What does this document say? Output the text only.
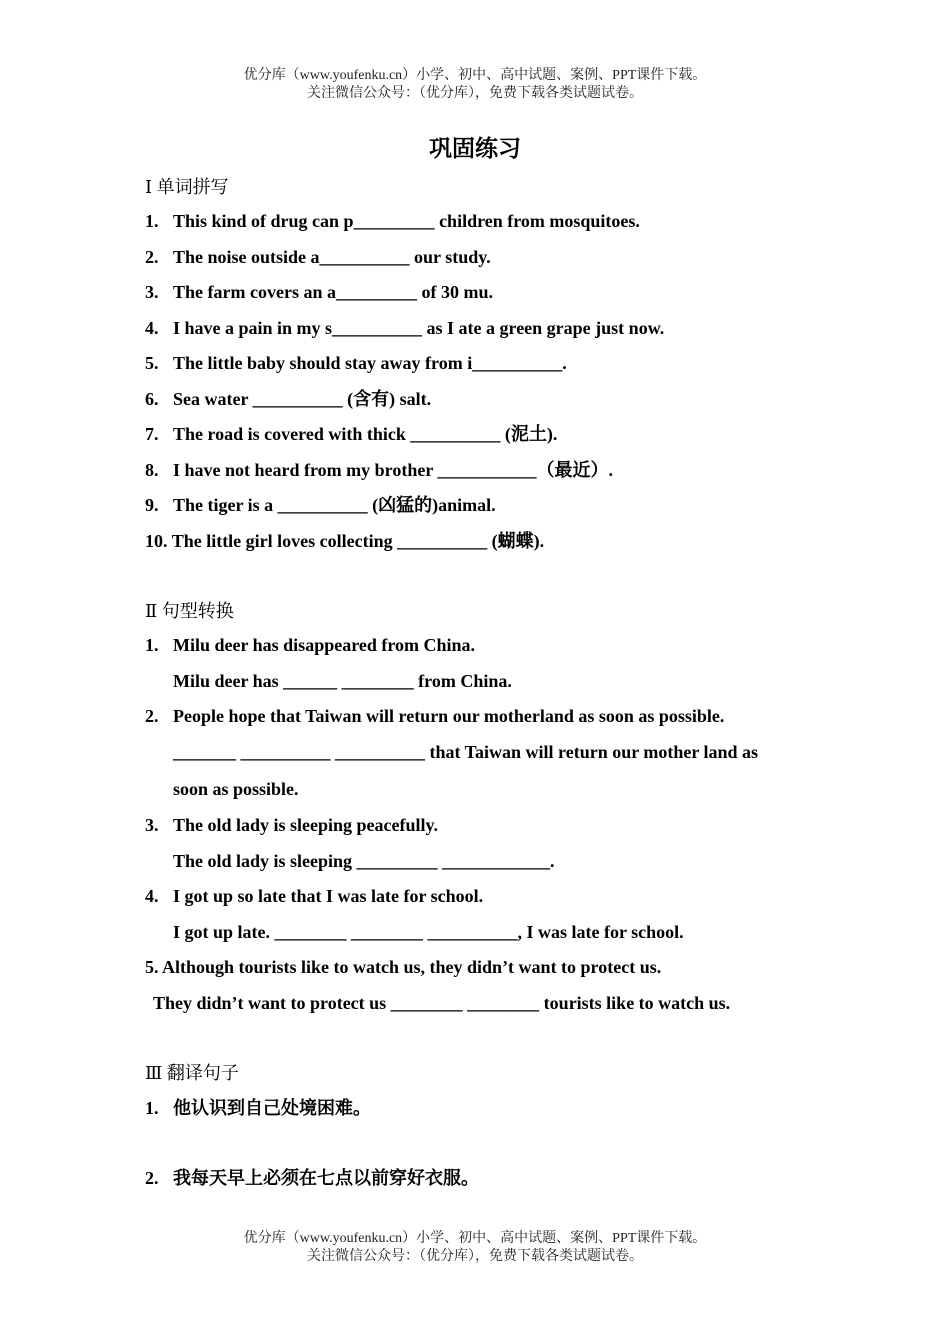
优分库（www.youfenku.cn）小学、初中、高中试题、案例、PPT课件下载。
关注微信公众号：（优分库），免费下载各类试题试卷。
巩固练习
Ⅰ 单词拼写
1. This kind of drug can p_________ children from mosquitoes.
2. The noise outside a__________ our study.
3. The farm covers an a_________ of 30 mu.
4. I have a pain in my s__________ as I ate a green grape just now.
5. The little baby should stay away from i__________.
6. Sea water __________ (含有) salt.
7. The road is covered with thick __________ (泥土).
8. I have not heard from my brother ___________（最近）.
9. The tiger is a __________ (凶猛的)animal.
10. The little girl loves collecting __________ (蝴蝶).
Ⅱ 句型转换
1. Milu deer has disappeared from China.
Milu deer has ______ ________ from China.
2. People hope that Taiwan will return our motherland as soon as possible.
_______ __________ __________ that Taiwan will return our mother land as
soon as possible.
3. The old lady is sleeping peacefully.
The old lady is sleeping _________ ____________.
4. I got up so late that I was late for school.
I got up late. ________ ________ __________, I was late for school.
5. Although tourists like to watch us, they didn’t want to protect us.
They didn’t want to protect us ________ ________ tourists like to watch us.
Ⅲ 翻译句子
1. 他认识到自己处境困难。
2. 我每天早上必须在七点以前穿好衣服。
优分库（www.youfenku.cn）小学、初中、高中试题、案例、PPT课件下载。
关注微信公众号：（优分库），免费下载各类试题试卷。
